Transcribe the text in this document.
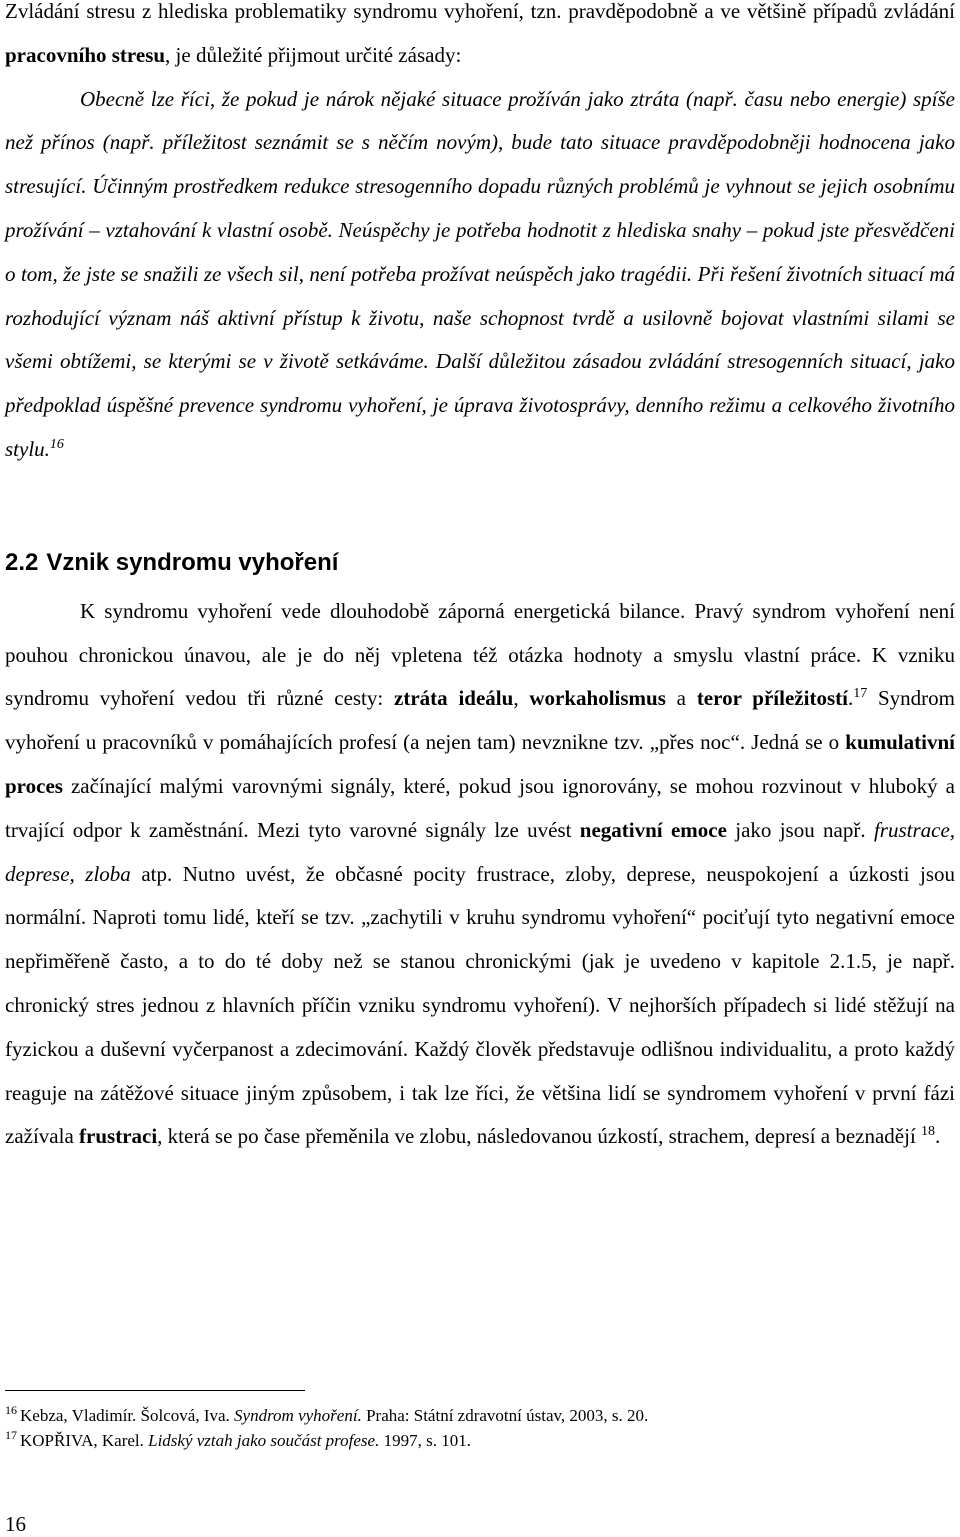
Zvládání stresu z hlediska problematiky syndromu vyhoření, tzn. pravděpodobně a ve většině případů zvládání pracovního stresu, je důležité přijmout určité zásady:

Obecně lze říci, že pokud je nárok nějaké situace prožíván jako ztráta (např. času nebo energie) spíše než přínos (např. příležitost seznámit se s něčím novým), bude tato situace pravděpodobněji hodnocena jako stresující. Účinným prostředkem redukce stresogenního dopadu různých problémů je vyhnout se jejich osobnímu prožívání – vztahování k vlastní osobě. Neúspěchy je potřeba hodnotit z hlediska snahy – pokud jste přesvědčeni o tom, že jste se snažili ze všech sil, není potřeba prožívat neúspěch jako tragédii. Při řešení životních situací má rozhodující význam náš aktivní přístup k životu, naše schopnost tvrdě a usilovně bojovat vlastními silami se všemi obtížemi, se kterými se v životě setkáváme. Další důležitou zásadou zvládání stresogenních situací, jako předpoklad úspěšné prevence syndromu vyhoření, je úprava životosprávy, denního režimu a celkového životního stylu.$^{16}$

2.2 Vznik syndromu vyhoření

K syndromu vyhoření vede dlouhodobě záporná energetická bilance. Pravý syndrom vyhoření není pouhou chronickou únavou, ale je do něj vpletena též otázka hodnoty a smyslu vlastní práce. K vzniku syndromu vyhoření vedou tři různé cesty: ztráta ideálu, workaholismus a teror příležitostí.$^{17}$ Syndrom vyhoření u pracovníků v pomáhajících profesí (a nejen tam) nevznikne tzv. „přes noc“. Jedná se o kumulativní proces začínající malými varovnými signály, které, pokud jsou ignorovány, se mohou rozvinout v hluboký a trvající odpor k zaměstnání. Mezi tyto varovné signály lze uvést negativní emoce jako jsou např. frustrace, deprese, zloba atp. Nutno uvést, že občasné pocity frustrace, zloby, deprese, neuspokojení a úzkosti jsou normální. Naproti tomu lidé, kteří se tzv. „zachytili v kruhu syndromu vyhoření“ pociťují tyto negativní emoce nepřiměřeně často, a to do té doby než se stanou chronickými (jak je uvedeno v kapitole 2.1.5, je např. chronický stres jednou z hlavních příčin vzniku syndromu vyhoření). V nejhorších případech si lidé stěžují na fyzickou a duševní vyčerpanost a zdecimování. Každý člověk představuje odlišnou individualitu, a proto každý reaguje na zátěžové situace jiným způsobem, i tak lze říci, že většina lidí se syndromem vyhoření v první fázi zažívala frustraci, která se po čase přeměnila ve zlobu, následovanou úzkostí, strachem, depresí a beznadějí $^{18}$.

$^{16}$ Kebza, Vladimír. Šolcová, Iva. Syndrom vyhoření. Praha: Státní zdravotní ústav, 2003, s. 20.
$^{17}$ KOPŘIVA, Karel. Lidský vztah jako součást profese. 1997, s. 101.
16
